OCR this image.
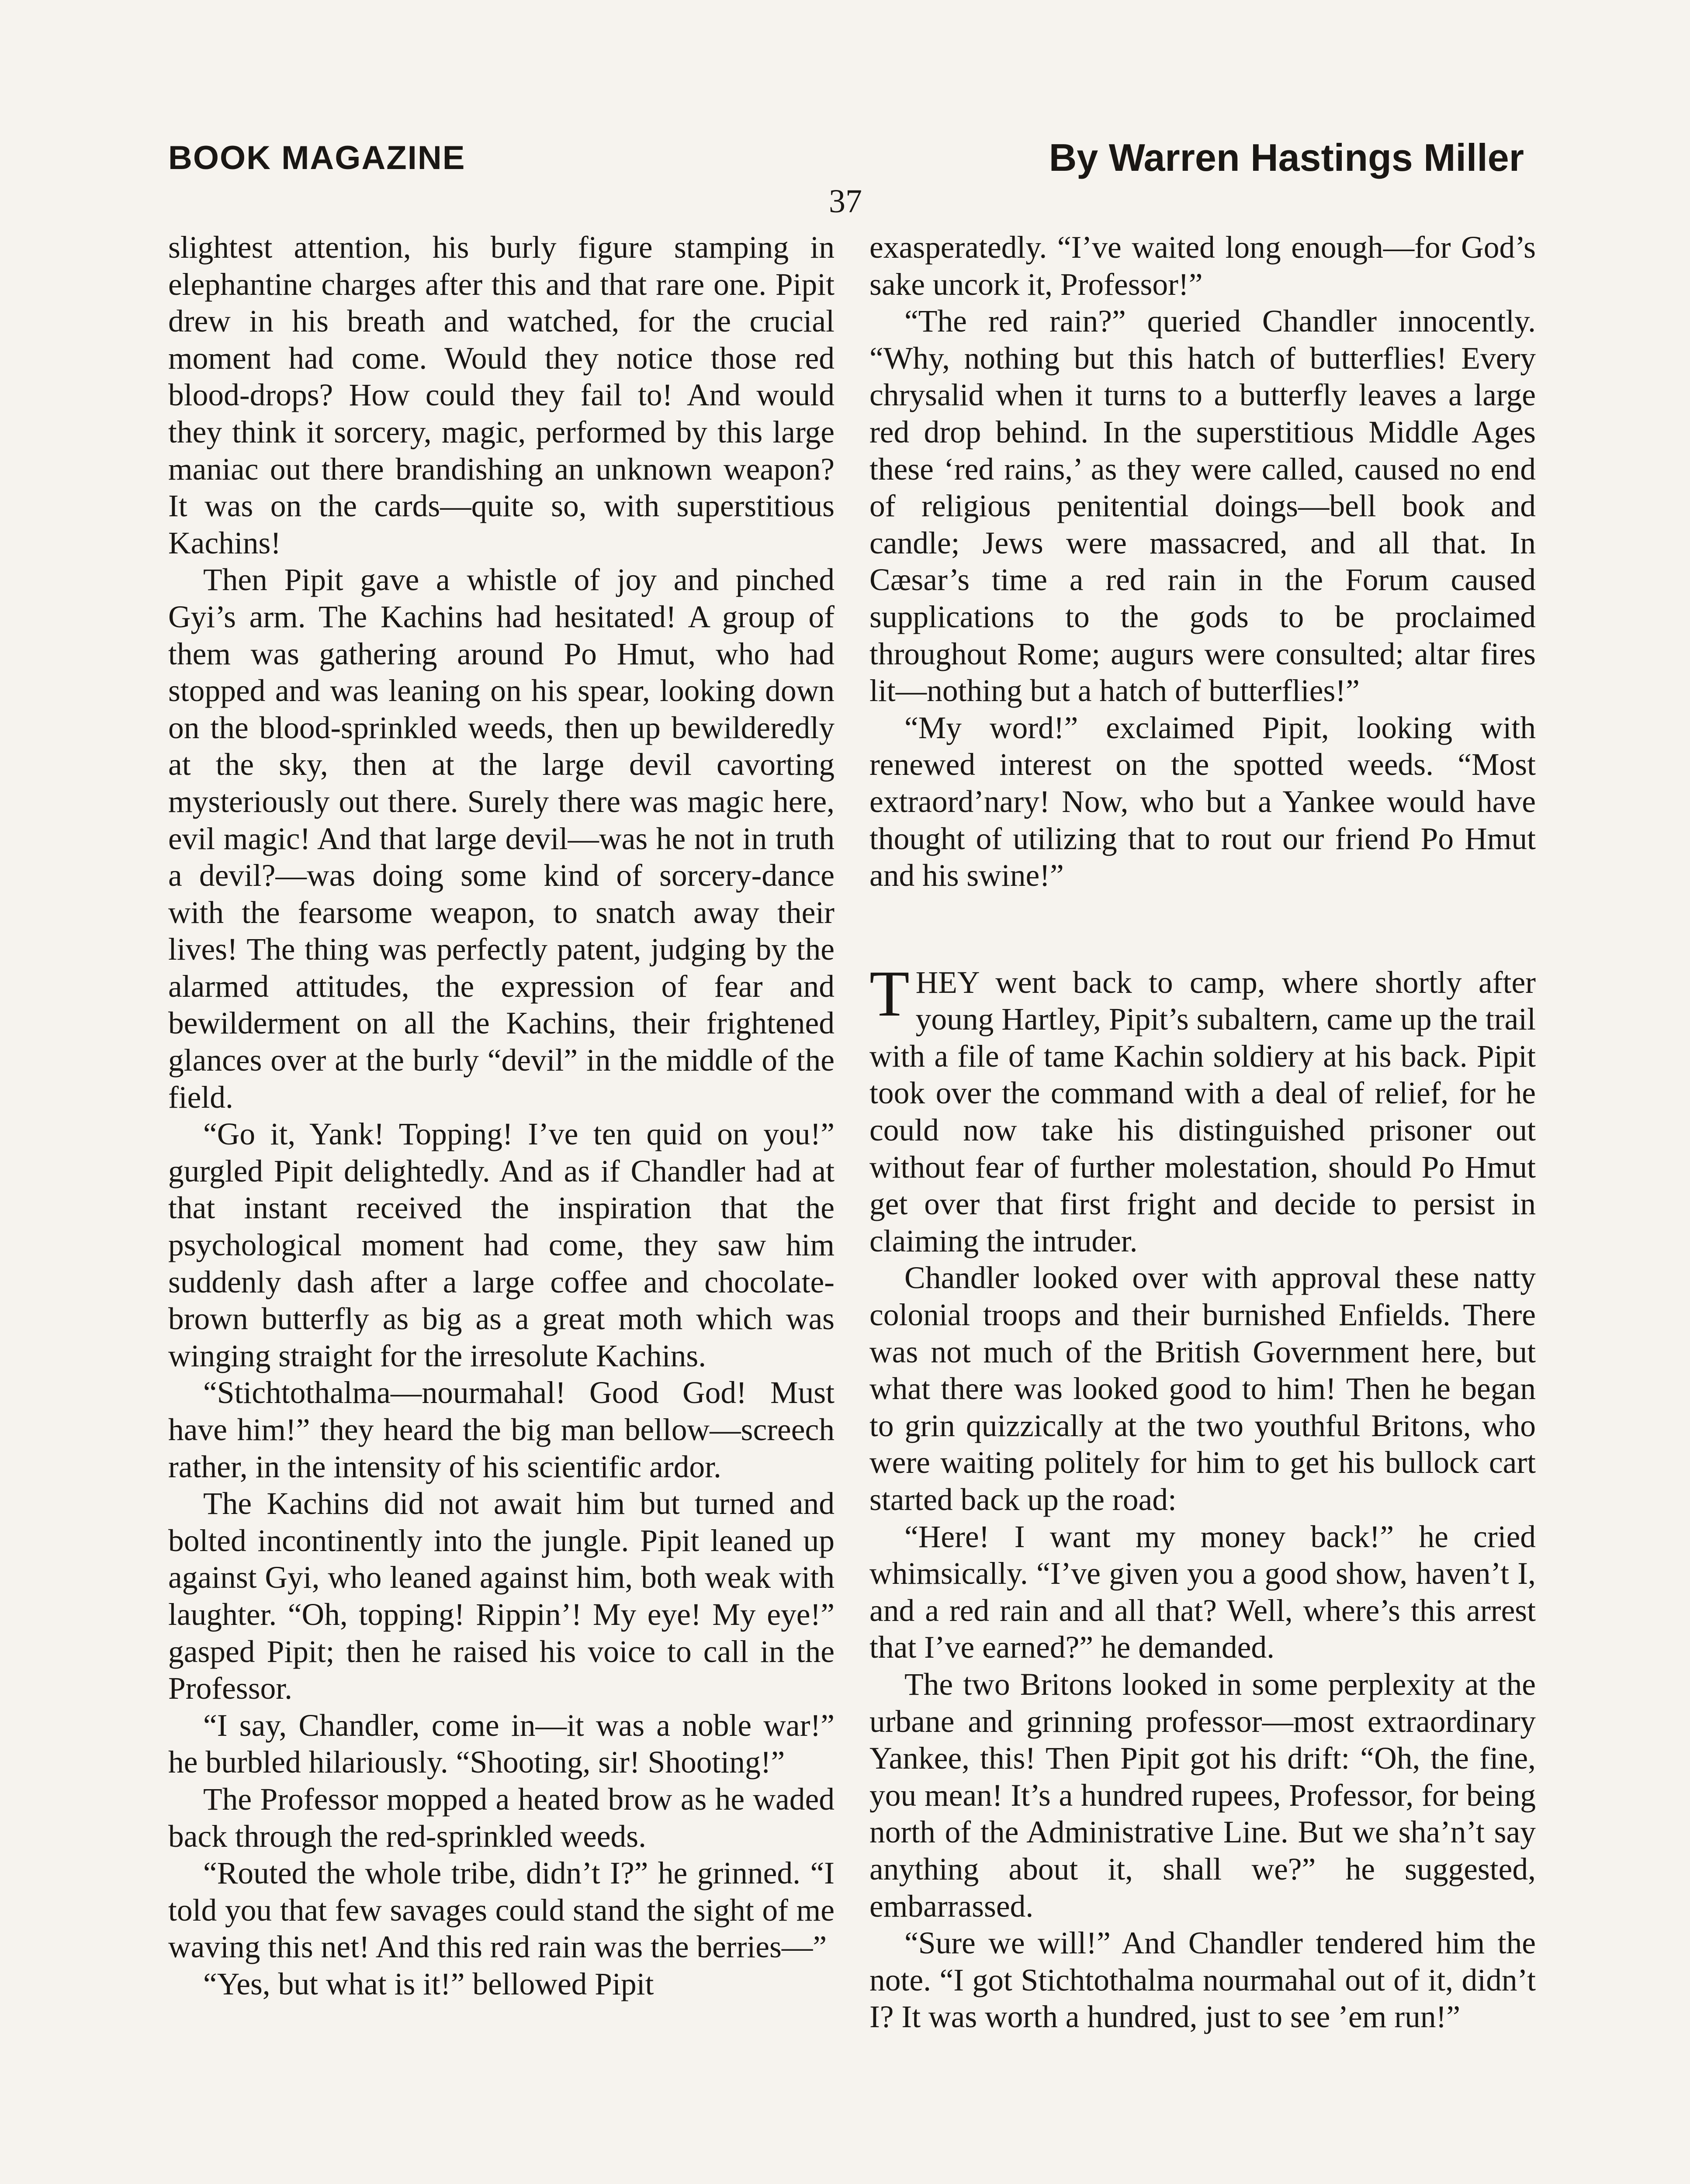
BOOK MAGAZINE	By Warren Hastings Miller
37

slightest attention, his burly figure stamping in elephantine charges after this and that rare one. Pipit drew in his breath and watched, for the crucial moment had come. Would they notice those red blood-drops? How could they fail to! And would they think it sorcery, magic, performed by this large maniac out there brandishing an unknown weapon? It was on the cards—quite so, with superstitious Kachins!

Then Pipit gave a whistle of joy and pinched Gyi’s arm. The Kachins had hesitated! A group of them was gathering around Po Hmut, who had stopped and was leaning on his spear, looking down on the blood-sprinkled weeds, then up bewilderedly at the sky, then at the large devil cavorting mysteriously out there. Surely there was magic here, evil magic! And that large devil—was he not in truth a devil?—was doing some kind of sorcery-dance with the fearsome weapon, to snatch away their lives! The thing was perfectly patent, judging by the alarmed attitudes, the expression of fear and bewilderment on all the Kachins, their frightened glances over at the burly “devil” in the middle of the field.

“Go it, Yank! Topping! I’ve ten quid on you!” gurgled Pipit delightedly. And as if Chandler had at that instant received the inspiration that the psychological moment had come, they saw him suddenly dash after a large coffee and chocolate-brown butterfly as big as a great moth which was winging straight for the irresolute Kachins.

“Stichtothalma—nourmahal! Good God! Must have him!” they heard the big man bellow—screech rather, in the intensity of his scientific ardor.

The Kachins did not await him but turned and bolted incontinently into the jungle. Pipit leaned up against Gyi, who leaned against him, both weak with laughter. “Oh, topping! Rippin’! My eye! My eye!” gasped Pipit; then he raised his voice to call in the Professor.

“I say, Chandler, come in—it was a noble war!” he burbled hilariously. “Shooting, sir! Shooting!”

The Professor mopped a heated brow as he waded back through the red-sprinkled weeds.

“Routed the whole tribe, didn’t I?” he grinned. “I told you that few savages could stand the sight of me waving this net! And this red rain was the berries—”

“Yes, but what is it!” bellowed Pipit

exasperatedly. “I’ve waited long enough—for God’s sake uncork it, Professor!”

“The red rain?” queried Chandler innocently. “Why, nothing but this hatch of butterflies! Every chrysalid when it turns to a butterfly leaves a large red drop behind. In the superstitious Middle Ages these ‘red rains,’ as they were called, caused no end of religious penitential doings—bell book and candle; Jews were massacred, and all that. In Cæsar’s time a red rain in the Forum caused supplications to the gods to be proclaimed throughout Rome; augurs were consulted; altar fires lit—nothing but a hatch of butterflies!”

“My word!” exclaimed Pipit, looking with renewed interest on the spotted weeds. “Most extraord’nary! Now, who but a Yankee would have thought of utilizing that to rout our friend Po Hmut and his swine!”

THEY went back to camp, where shortly after young Hartley, Pipit’s subaltern, came up the trail with a file of tame Kachin soldiery at his back. Pipit took over the command with a deal of relief, for he could now take his distinguished prisoner out without fear of further molestation, should Po Hmut get over that first fright and decide to persist in claiming the intruder.

Chandler looked over with approval these natty colonial troops and their burnished Enfields. There was not much of the British Government here, but what there was looked good to him! Then he began to grin quizzically at the two youthful Britons, who were waiting politely for him to get his bullock cart started back up the road:

“Here! I want my money back!” he cried whimsically. “I’ve given you a good show, haven’t I, and a red rain and all that? Well, where’s this arrest that I’ve earned?” he demanded.

The two Britons looked in some perplexity at the urbane and grinning professor—most extraordinary Yankee, this! Then Pipit got his drift: “Oh, the fine, you mean! It’s a hundred rupees, Professor, for being north of the Administrative Line. But we sha’n’t say anything about it, shall we?” he suggested, embarrassed.

“Sure we will!” And Chandler tendered him the note. “I got Stichtothalma nourmahal out of it, didn’t I? It was worth a hundred, just to see ’em run!”
